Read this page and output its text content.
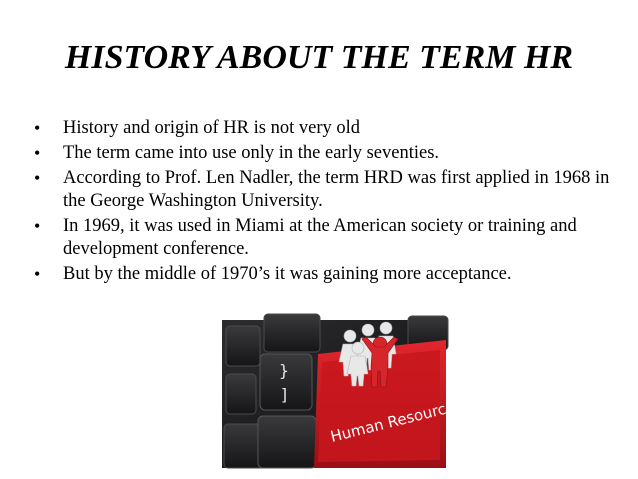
HISTORY ABOUT THE TERM HR
• History and origin of HR is not very old
• The term came into use only in the early seventies.
• According to Prof. Len Nadler, the term HRD was first applied in 1968 in the George Washington University.
• In 1969, it was used in Miami at the American society or training and development conference.
• But by the middle of 1970’s it was gaining more acceptance.
}
]
Human Resources
